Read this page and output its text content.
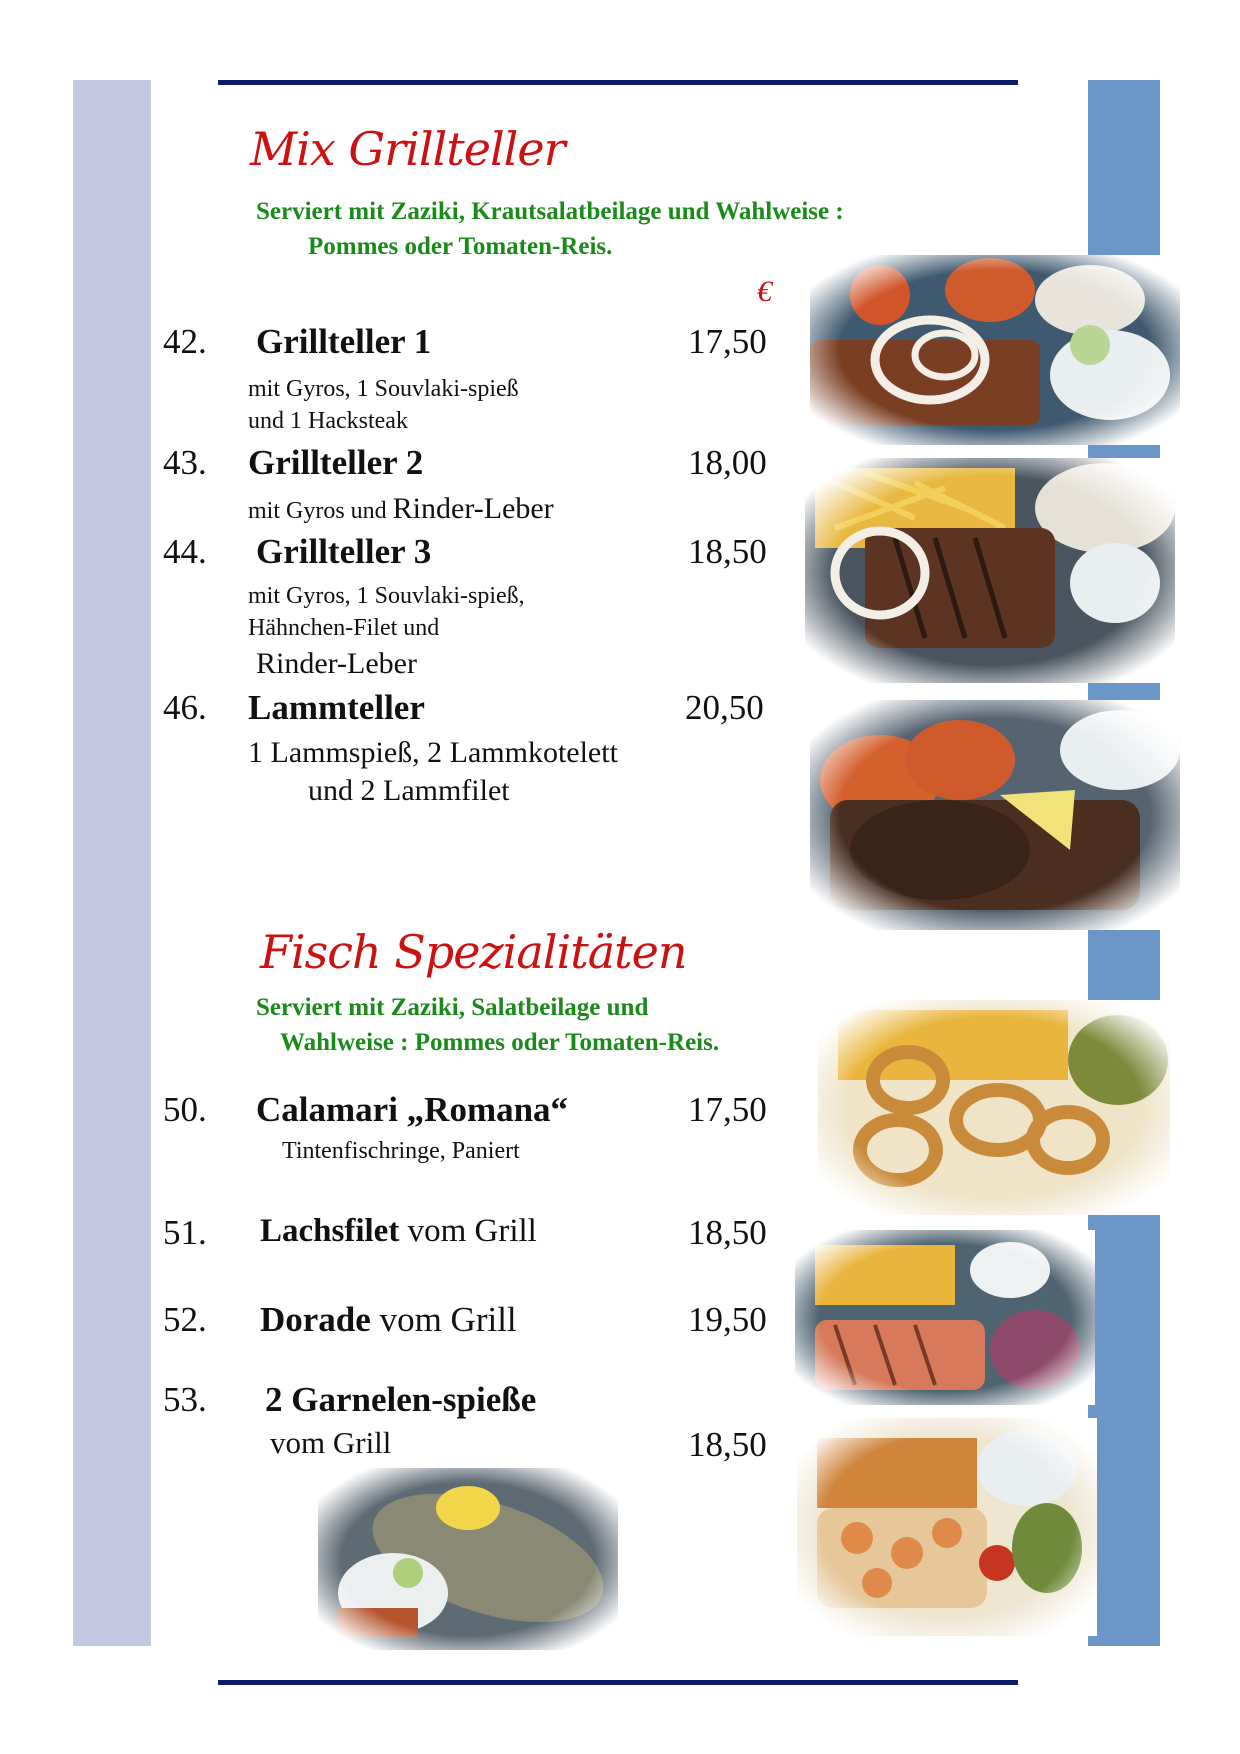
Mix Grillteller
Serviert mit Zaziki, Krautsalatbeilage und Wahlweise :
Pommes oder Tomaten-Reis.
€
42. Grillteller 1	17,50
mit Gyros, 1 Souvlaki-spieß
und 1 Hacksteak
43. Grillteller 2	18,00
mit Gyros und Rinder-Leber
44. Grillteller 3	18,50
mit Gyros, 1 Souvlaki-spieß,
Hähnchen-Filet und
Rinder-Leber
46. Lammteller	20,50
1 Lammspieß, 2 Lammkotelett
und 2 Lammfilet
Fisch Spezialitäten
Serviert mit Zaziki, Salatbeilage und
Wahlweise : Pommes oder Tomaten-Reis.
50. Calamari „Romana“	17,50
Tintenfischringe, Paniert
51. Lachsfilet vom Grill	18,50
52. Dorade vom Grill	19,50
53. 2 Garnelen-spieße
vom Grill	18,50
